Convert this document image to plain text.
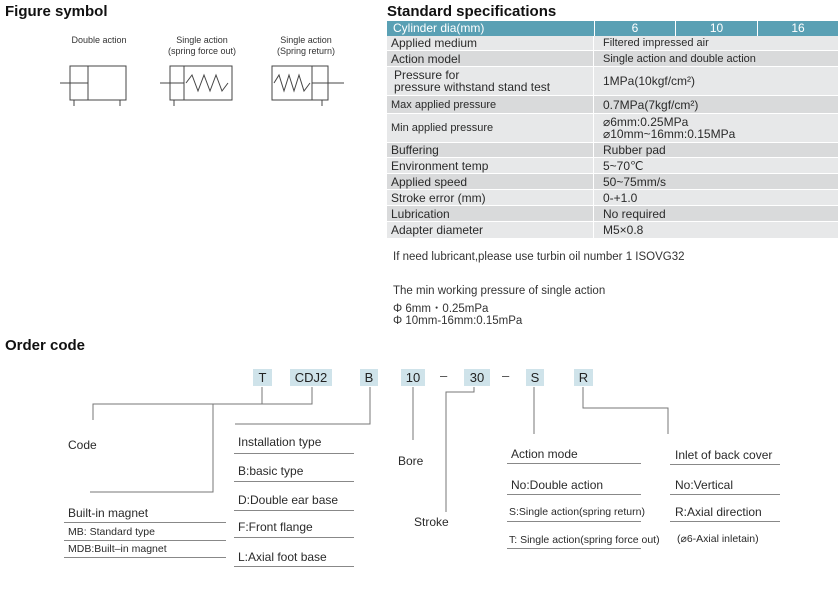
Figure symbol
Double action	Single action
(spring force out)
Single action
(Spring return)
Standard specifications
Cylinder dia(mm)	6	10	16
Applied medium	Filtered impressed air
Action model	Single action and double action
Pressure for
pressure withstand stand test	1MPa(10kgf/cm²)
Max applied pressure	0.7MPa(7kgf/cm²)
Min applied pressure	⌀6mm:0.25MPa
⌀10mm~16mm:0.15MPa
Buffering	Rubber pad
Environment temp	5~70℃
Applied speed	50~75mm/s
Stroke error (mm)	0-+1.0
Lubrication	No required
Adapter diameter	M5×0.8
If need lubricant,please use turbin oil number 1 ISOVG32
The min working pressure of single action
Φ 6mm・0.25mPa
Φ 10mm-16mm:0.15mPa
Order code
T	CDJ2	B	10	–	30	–	S	R
Code
Built-in magnet
MB: Standard type
MDB:Built–in magnet
Installation type
B:basic type
D:Double ear base
F:Front flange
L:Axial foot base
Bore
Stroke
Action mode
No:Double action
S:Single action(spring return)
T: Single action(spring force out)
Inlet of back cover
No:Vertical
R:Axial direction
(⌀6-Axial inletain)
